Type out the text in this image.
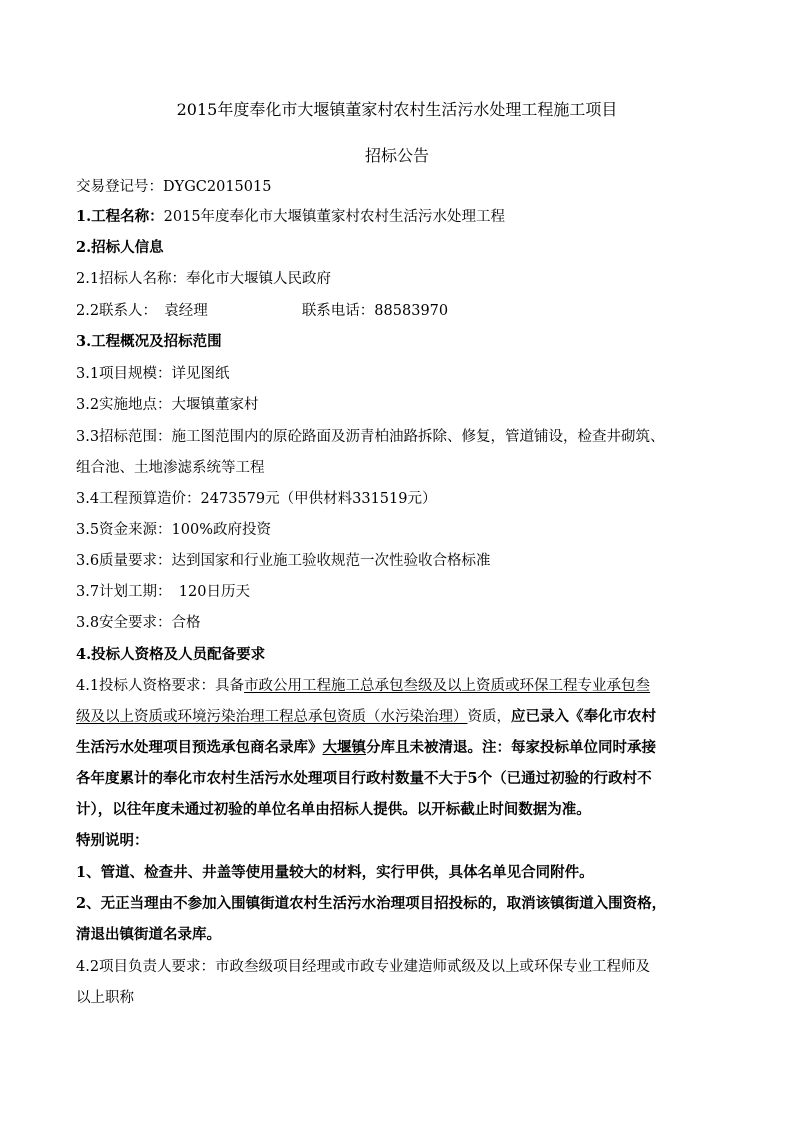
2015年度奉化市大堰镇董家村农村生活污水处理工程施工项目
招标公告
交易登记号：DYGC2015015
1.工程名称：2015年度奉化市大堰镇董家村农村生活污水处理工程
2.招标人信息
2.1招标人名称：奉化市大堰镇人民政府
2.2联系人：　袁经理	联系电话：88583970
3.工程概况及招标范围
3.1项目规模：详见图纸
3.2实施地点：大堰镇董家村
3.3招标范围：施工图范围内的原砼路面及沥青柏油路拆除、修复，管道铺设，检查井砌筑、
组合池、土地渗滤系统等工程
3.4工程预算造价：2473579元（甲供材料331519元）
3.5资金来源：100%政府投资
3.6质量要求：达到国家和行业施工验收规范一次性验收合格标准
3.7计划工期：　120日历天
3.8安全要求：合格
4.投标人资格及人员配备要求
4.1投标人资格要求：具备市政公用工程施工总承包叁级及以上资质或环保工程专业承包叁
级及以上资质或环境污染治理工程总承包资质（水污染治理）资质，应已录入《奉化市农村
生活污水处理项目预选承包商名录库》大堰镇分库且未被清退。注：每家投标单位同时承接
各年度累计的奉化市农村生活污水处理项目行政村数量不大于5个（已通过初验的行政村不
计），以往年度未通过初验的单位名单由招标人提供。以开标截止时间数据为准。
特别说明：
1、管道、检查井、井盖等使用量较大的材料，实行甲供，具体名单见合同附件。
2、无正当理由不参加入围镇街道农村生活污水治理项目招投标的，取消该镇街道入围资格，
清退出镇街道名录库。
4.2项目负责人要求：市政叁级项目经理或市政专业建造师贰级及以上或环保专业工程师及
以上职称
